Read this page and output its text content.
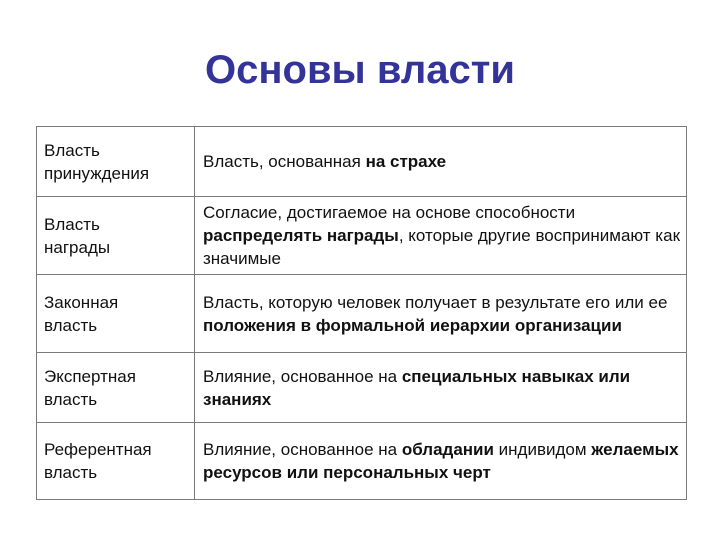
Основы власти
Власть
принуждения	Власть, основанная на страхе
Власть
награды	Согласие, достигаемое на основе способности распределять награды, которые другие воспринимают как значимые
Законная
власть	Власть, которую человек получает в результате его или ее положения в формальной иерархии организации
Экспертная
власть	Влияние, основанное на специальных навыках или знаниях
Референтная
власть	Влияние, основанное на обладании индивидом желаемых ресурсов или персональных черт
